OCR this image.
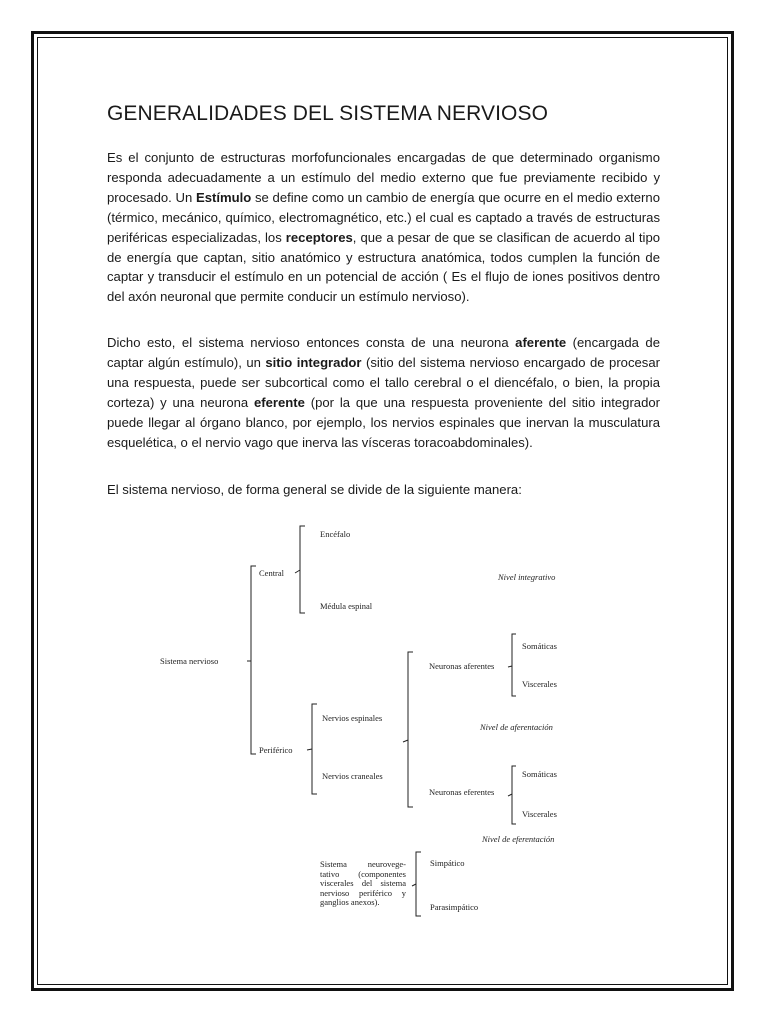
GENERALIDADES DEL SISTEMA NERVIOSO

Es el conjunto de estructuras morfofuncionales encargadas de que determinado organismo responda adecuadamente a un estímulo del medio externo que fue previamente recibido y procesado. Un Estímulo se define como un cambio de energía que ocurre en el medio externo (térmico, mecánico, químico, electromagnético, etc.) el cual es captado a través de estructuras periféricas especializadas, los receptores, que a pesar de que se clasifican de acuerdo al tipo de energía que captan, sitio anatómico y estructura anatómica, todos cumplen la función de captar y transducir el estímulo en un potencial de acción ( Es el flujo de iones positivos dentro del axón neuronal que permite conducir un estímulo nervioso).

Dicho esto, el sistema nervioso entonces consta de una neurona aferente (encargada de captar algún estímulo), un sitio integrador (sitio del sistema nervioso encargado de procesar una respuesta, puede ser subcortical como el tallo cerebral o el diencéfalo, o bien, la propia corteza) y una neurona eferente (por la que una respuesta proveniente del sitio integrador puede llegar al órgano blanco, por ejemplo, los nervios espinales que inervan la musculatura esquelética, o el nervio vago que inerva las vísceras toracoabdominales).

El sistema nervioso, de forma general se divide de la siguiente manera:

Sistema nervioso
Central
Encéfalo
Médula espinal
Nivel integrativo
Periférico
Nervios espinales
Nervios craneales
Neuronas aferentes
Somáticas
Viscerales
Nivel de aferentación
Neuronas eferentes
Somáticas
Viscerales
Nivel de eferentación
Sistema neurovege-tativo (componentes viscerales del sistema nervioso periférico y ganglios anexos).
Simpático
Parasimpático
